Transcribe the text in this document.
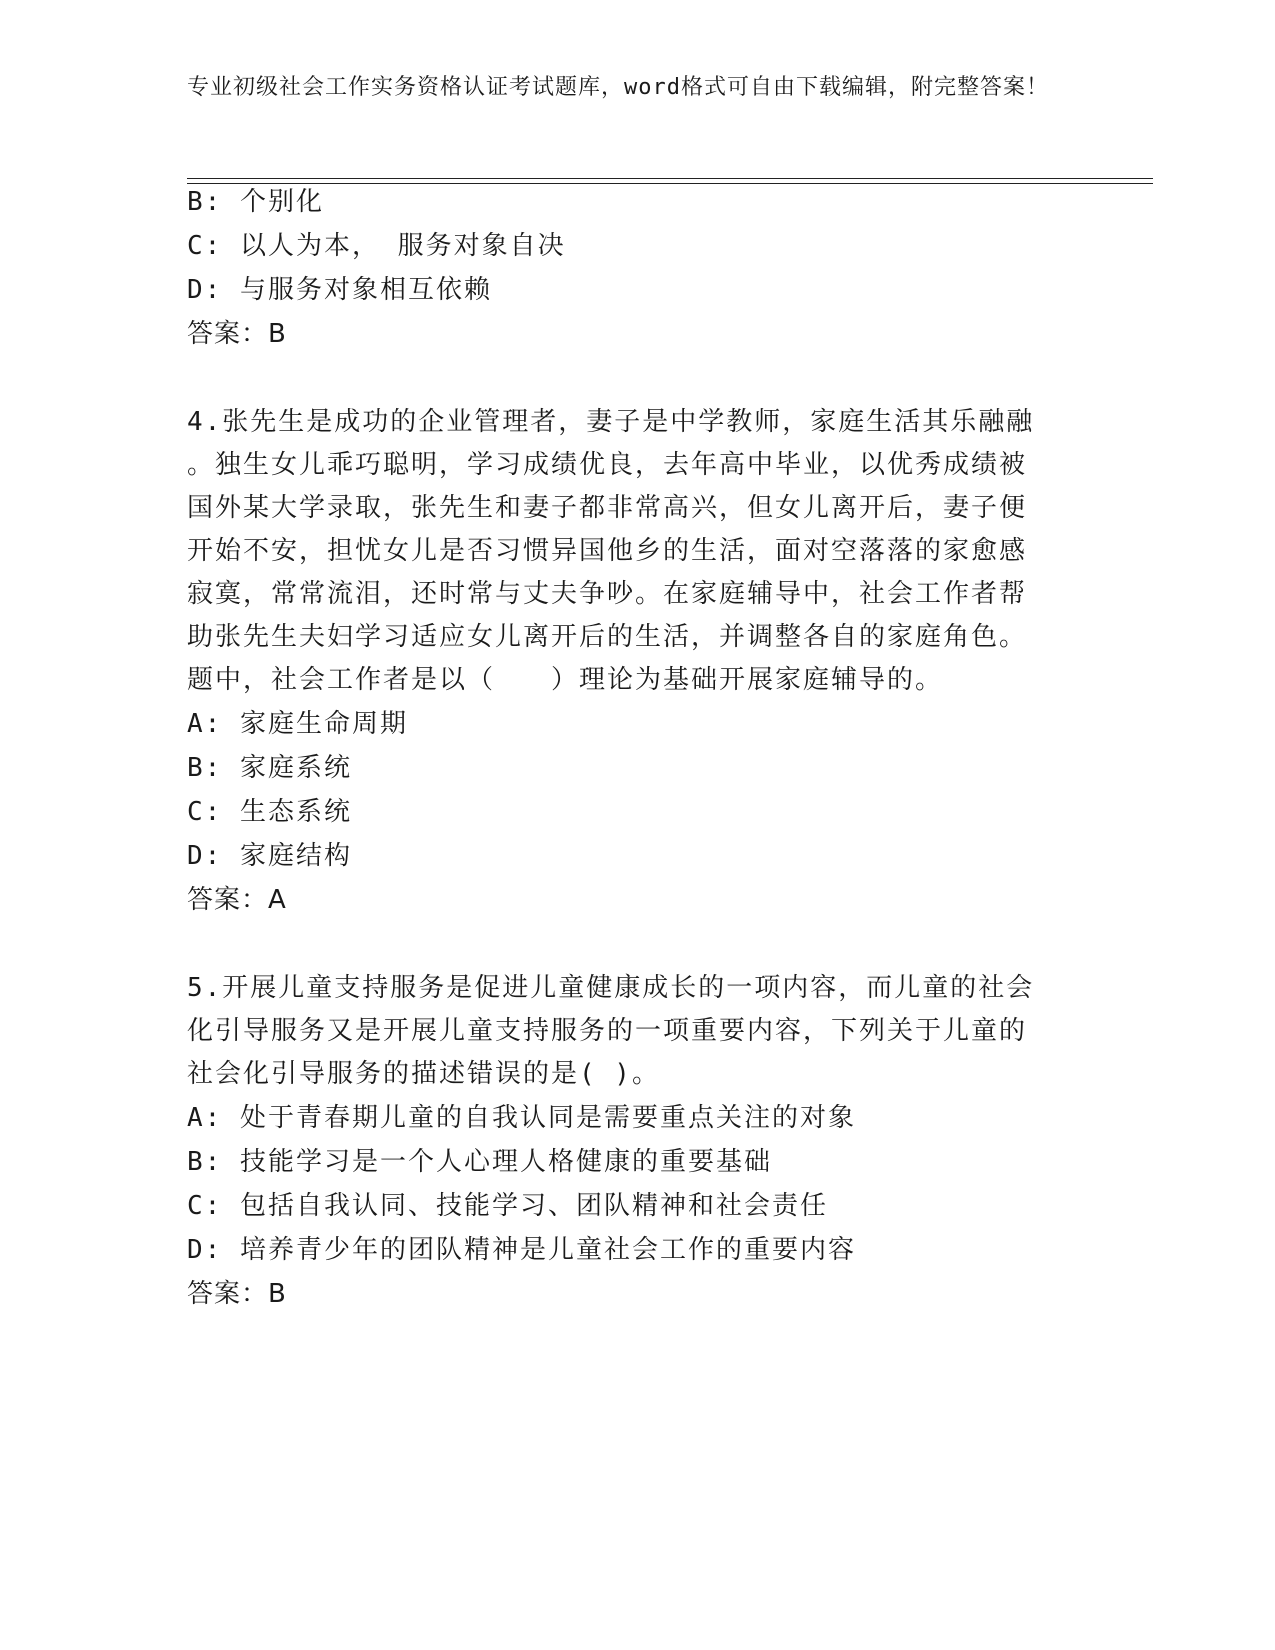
专业初级社会工作实务资格认证考试题库，word格式可自由下载编辑，附完整答案！
B: 个别化
C: 以人为本， 服务对象自决
D: 与服务对象相互依赖
答案：B
4.张先生是成功的企业管理者，妻子是中学教师，家庭生活其乐融融
。独生女儿乖巧聪明，学习成绩优良，去年高中毕业，以优秀成绩被
国外某大学录取，张先生和妻子都非常高兴，但女儿离开后，妻子便
开始不安，担忧女儿是否习惯异国他乡的生活，面对空落落的家愈感
寂寞，常常流泪，还时常与丈夫争吵。在家庭辅导中，社会工作者帮
助张先生夫妇学习适应女儿离开后的生活，并调整各自的家庭角色。
题中，社会工作者是以（　　）理论为基础开展家庭辅导的。
A: 家庭生命周期
B: 家庭系统
C: 生态系统
D: 家庭结构
答案：A
5.开展儿童支持服务是促进儿童健康成长的一项内容，而儿童的社会
化引导服务又是开展儿童支持服务的一项重要内容，下列关于儿童的
社会化引导服务的描述错误的是( )。
A: 处于青春期儿童的自我认同是需要重点关注的对象
B: 技能学习是一个人心理人格健康的重要基础
C: 包括自我认同、技能学习、团队精神和社会责任
D: 培养青少年的团队精神是儿童社会工作的重要内容
答案：B
